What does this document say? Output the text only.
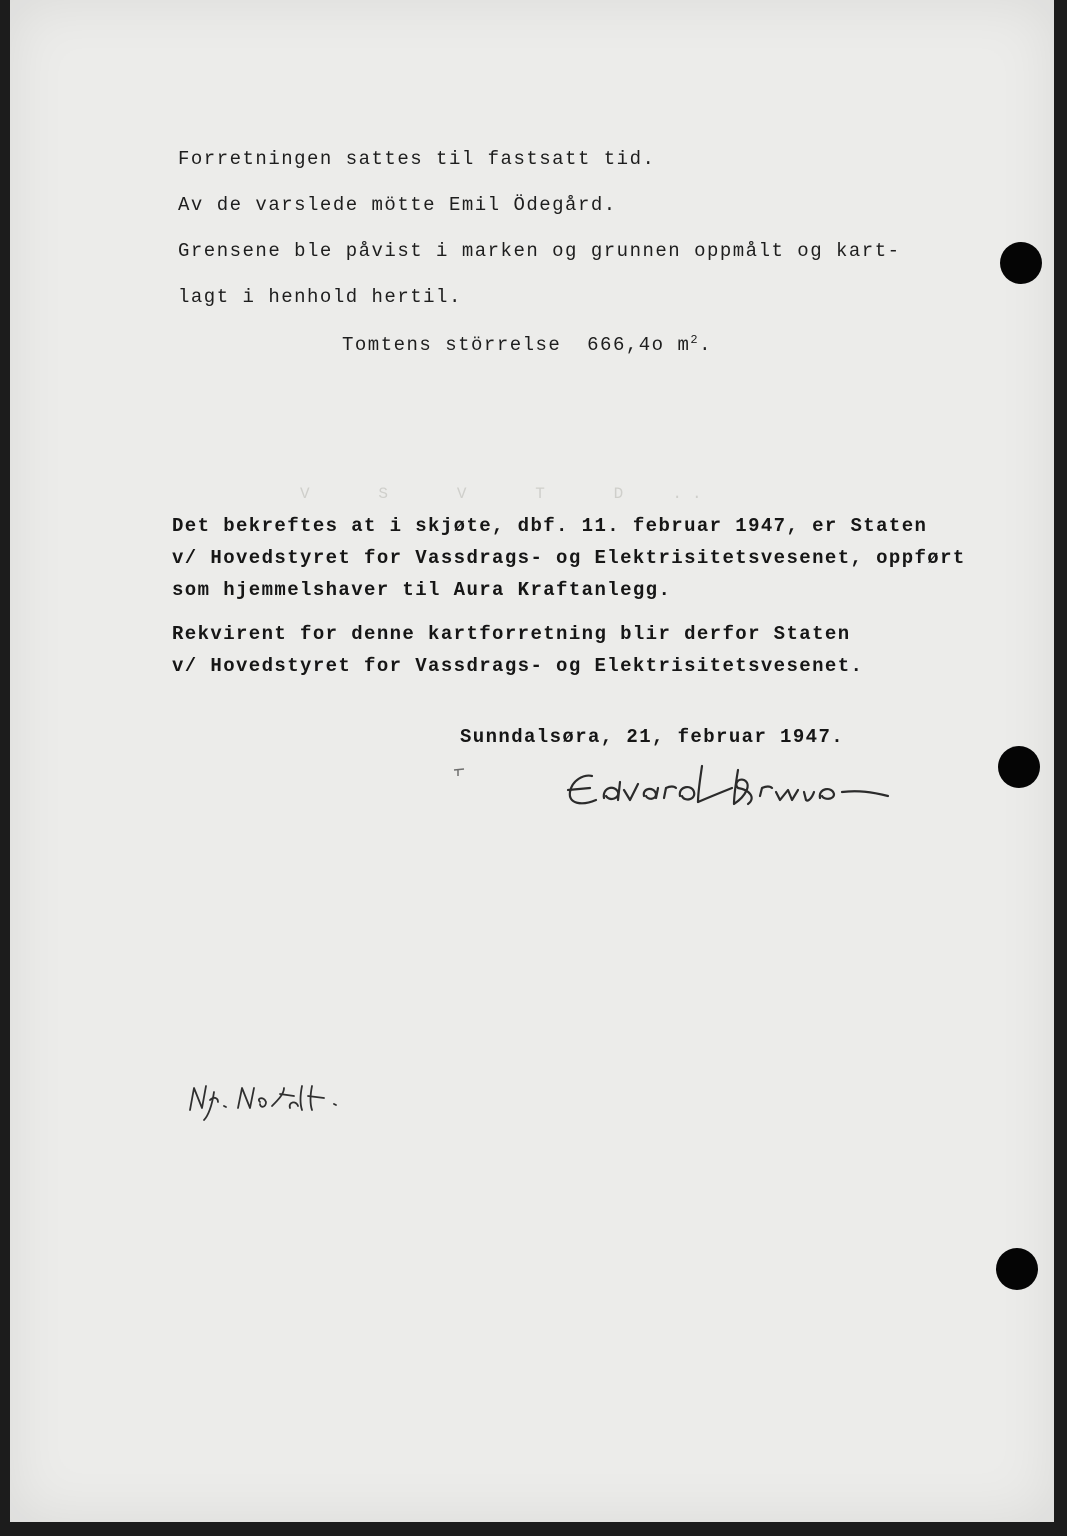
Forretningen sattes til fastsatt tid.
Av de varslede mötte Emil Ödegård.
Grensene ble påvist i marken og grunnen oppmålt og kart-
lagt i henhold hertil.
Tomtens störrelse 666,4o $m^2$.
V   S   V   T   D  ..
Det bekreftes at i skjøte, dbf. 11. februar 1947, er Staten
v/ Hovedstyret for Vassdrags- og Elektrisitetsvesenet, oppført
som hjemmelshaver til Aura Kraftanlegg.
Rekvirent for denne kartforretning blir derfor Staten
v/ Hovedstyret for Vassdrags- og Elektrisitetsvesenet.
Sunndalsøra, 21, februar 1947.
Edvard Brunie
N.fr. N.a. fdt.
